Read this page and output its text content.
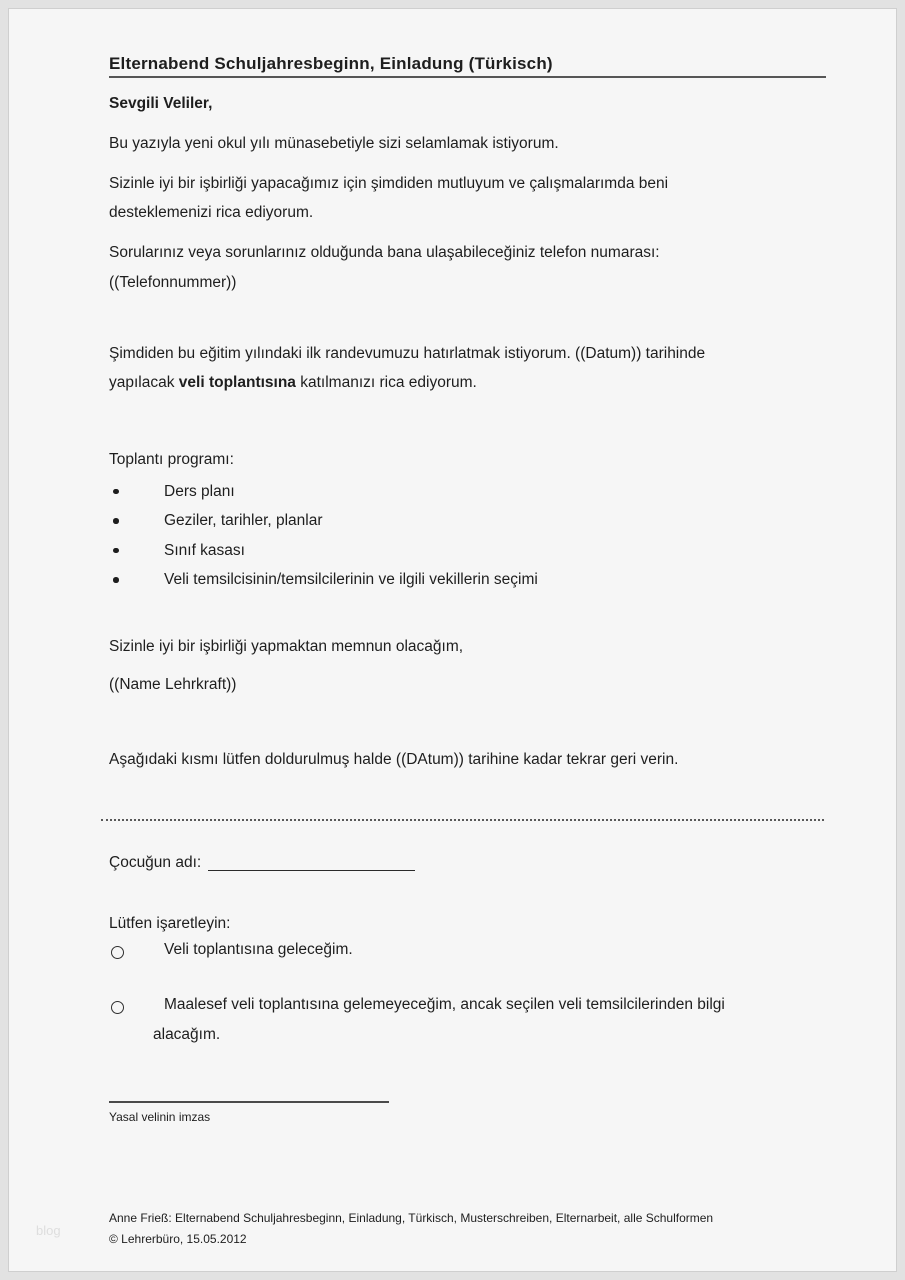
Elternabend Schuljahresbeginn, Einladung (Türkisch)

Sevgili Veliler,

Bu yazıyla yeni okul yılı münasebetiyle sizi selamlamak istiyorum.

Sizinle iyi bir işbirliği yapacağımız için şimdiden mutluyum ve çalışmalarımda beni
desteklemenizi rica ediyorum.

Sorularınız veya sorunlarınız olduğunda bana ulaşabileceğiniz telefon numarası:
((Telefonnummer))

Şimdiden bu eğitim yılındaki ilk randevumuzu hatırlatmak istiyorum. ((Datum)) tarihinde
yapılacak veli toplantısına katılmanızı rica ediyorum.

Toplantı programı:

Ders planı
Geziler, tarihler, planlar
Sınıf kasası
Veli temsilcisinin/temsilcilerinin ve ilgili vekillerin seçimi

Sizinle iyi bir işbirliği yapmaktan memnun olacağım,

((Name Lehrkraft))

Aşağıdaki kısmı lütfen doldurulmuş halde ((DAtum)) tarihine kadar tekrar geri verin.

Çocuğun adı:

Lütfen işaretleyin:

Veli toplantısına geleceğim.
Maalesef veli toplantısına gelemeyeceğim, ancak seçilen veli temsilcilerinden bilgi
alacağım.

Yasal velinin imzas

Anne Frieß: Elternabend Schuljahresbeginn, Einladung, Türkisch, Musterschreiben, Elternarbeit, alle Schulformen

© Lehrerbüro, 15.05.2012

blog
